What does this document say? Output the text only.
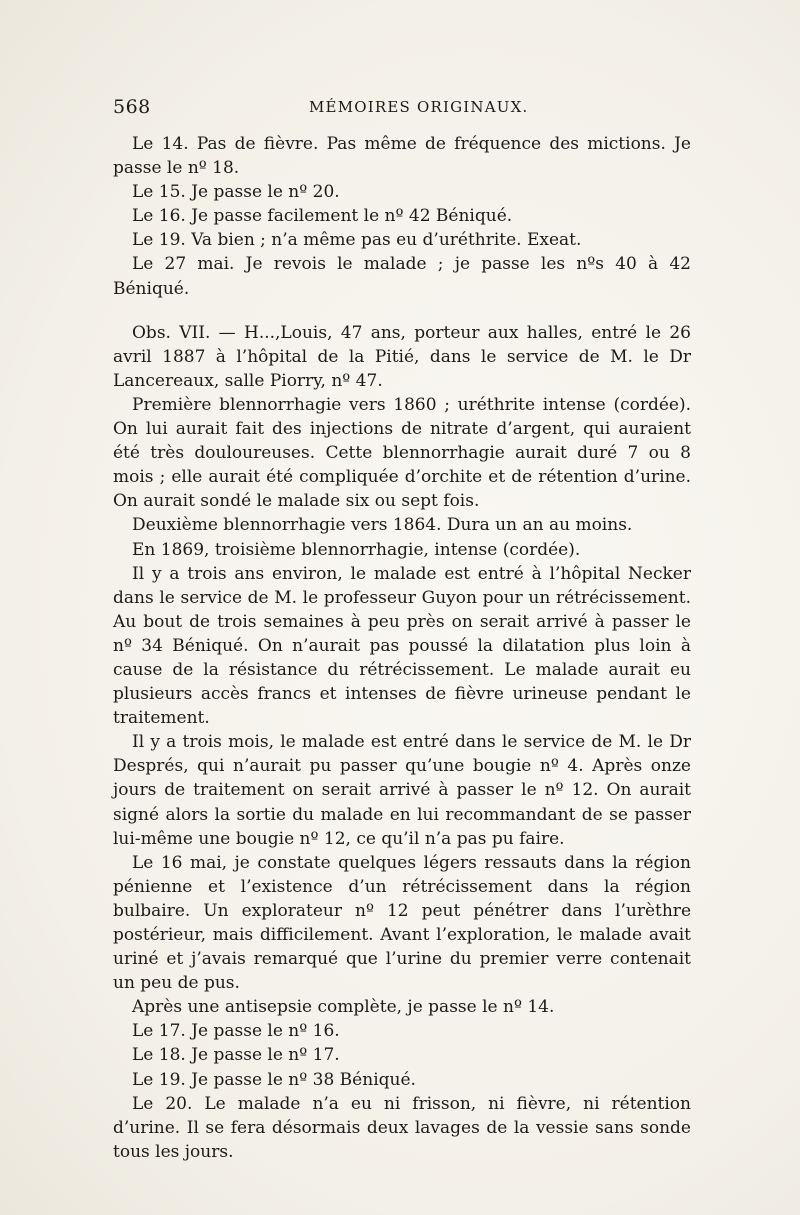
568	MÉMOIRES ORIGINAUX.

Le 14. Pas de fièvre. Pas même de fréquence des mictions. Je passe le nº 18.

Le 15. Je passe le nº 20.

Le 16. Je passe facilement le nº 42 Béniqué.

Le 19. Va bien ; n’a même pas eu d’uréthrite. Exeat.

Le 27 mai. Je revois le malade ; je passe les nºs 40 à 42 Béniqué.

Obs. VII. — H...,Louis, 47 ans, porteur aux halles, entré le 26 avril 1887 à l’hôpital de la Pitié, dans le service de M. le Dr Lancereaux, salle Piorry, nº 47.

Première blennorrhagie vers 1860 ; uréthrite intense (cordée). On lui aurait fait des injections de nitrate d’argent, qui auraient été très douloureuses. Cette blennorrhagie aurait duré 7 ou 8 mois ; elle aurait été compliquée d’orchite et de rétention d’urine. On aurait sondé le malade six ou sept fois.

Deuxième blennorrhagie vers 1864. Dura un an au moins.

En 1869, troisième blennorrhagie, intense (cordée).

Il y a trois ans environ, le malade est entré à l’hôpital Necker dans le service de M. le professeur Guyon pour un rétrécissement. Au bout de trois semaines à peu près on serait arrivé à passer le nº 34 Béniqué. On n’aurait pas poussé la dilatation plus loin à cause de la résistance du rétrécissement. Le malade aurait eu plusieurs accès francs et intenses de fièvre urineuse pendant le traitement.

Il y a trois mois, le malade est entré dans le service de M. le Dr Després, qui n’aurait pu passer qu’une bougie nº 4. Après onze jours de traitement on serait arrivé à passer le nº 12. On aurait signé alors la sortie du malade en lui recommandant de se passer lui-même une bougie nº 12, ce qu’il n’a pas pu faire.

Le 16 mai, je constate quelques légers ressauts dans la région pénienne et l’existence d’un rétrécissement dans la région bulbaire. Un explorateur nº 12 peut pénétrer dans l’urèthre postérieur, mais difficilement. Avant l’exploration, le malade avait uriné et j’avais remarqué que l’urine du premier verre contenait un peu de pus.

Après une antisepsie complète, je passe le nº 14.

Le 17. Je passe le nº 16.

Le 18. Je passe le nº 17.

Le 19. Je passe le nº 38 Béniqué.

Le 20. Le malade n’a eu ni frisson, ni fièvre, ni rétention d’urine. Il se fera désormais deux lavages de la vessie sans sonde tous les jours.
